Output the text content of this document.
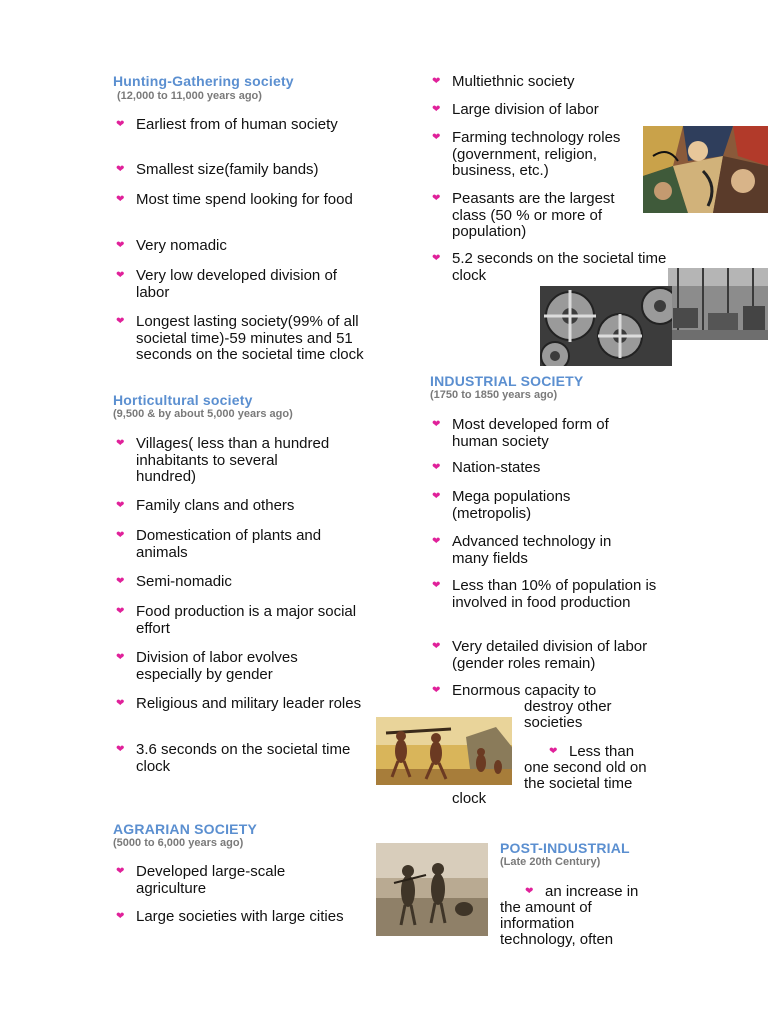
Hunting-Gathering society
(12,000 to 11,000 years ago)
❤ Earliest from of human society
❤ Smallest size(family bands)
❤ Most time spend looking for food
❤ Very nomadic
❤ Very low developed division of labor
❤ Longest lasting society(99% of all societal time)-59 minutes and 51 seconds on the societal time clock
Horticultural society
(9,500 & by about 5,000 years ago)
❤ Villages( less than a hundred inhabitants to several hundred)
❤ Family clans and others
❤ Domestication of plants and animals
❤ Semi-nomadic
❤ Food production is a major social effort
❤ Division of labor evolves especially by gender
❤ Religious and military leader roles
❤ 3.6 seconds on the societal time clock
AGRARIAN SOCIETY
(5000 to 6,000 years ago)
❤ Developed large-scale agriculture
❤ Large societies with large cities
❤ Multiethnic society
❤ Large division of labor
❤ Farming technology roles (government, religion, business, etc.)
❤ Peasants are the largest class (50 % or more of population)
❤ 5.2 seconds on the societal time clock
INDUSTRIAL SOCIETY
(1750 to 1850 years ago)
❤ Most developed form of human society
❤ Nation-states
❤ Mega populations (metropolis)
❤ Advanced technology in many fields
❤ Less than 10% of population is involved in food production
❤ Very detailed division of labor (gender roles remain)
❤ Enormous capacity to
destroy other
societies
❤ Less than
one second old on
the societal time
clock
POST-INDUSTRIAL
(Late 20th Century)
❤ an increase in
the amount of
information
technology, often
